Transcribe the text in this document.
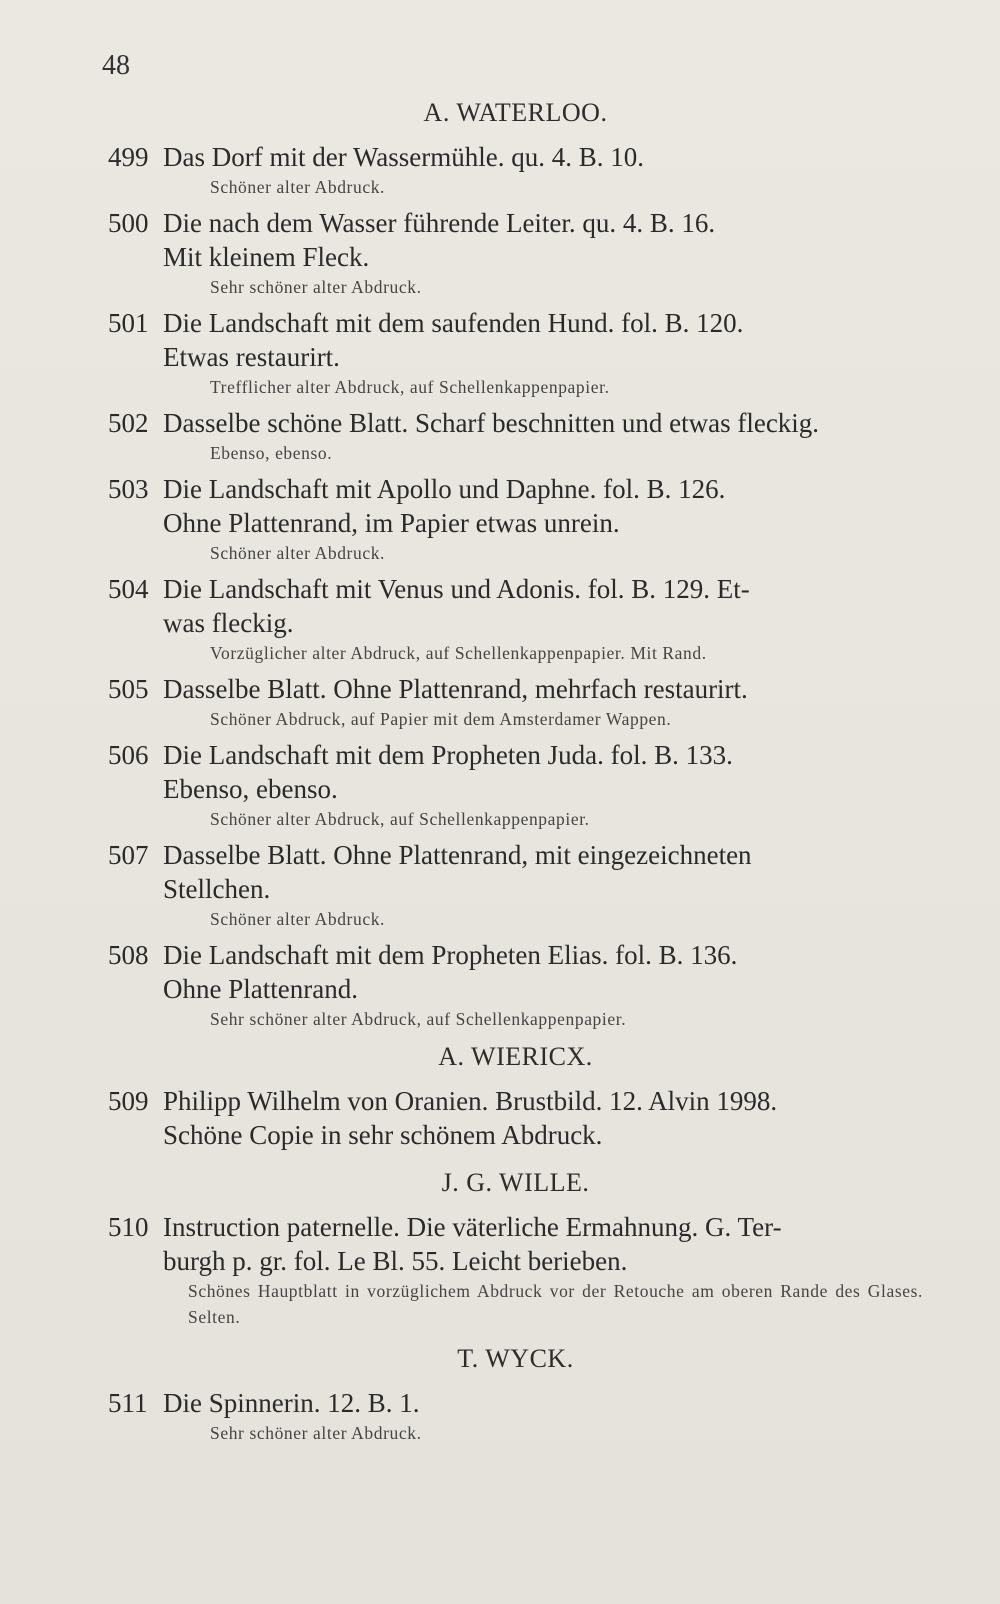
48
A. WATERLOO.
499 Das Dorf mit der Wassermühle. qu. 4. B. 10.
Schöner alter Abdruck.
500 Die nach dem Wasser führende Leiter. qu. 4. B. 16.
Mit kleinem Fleck.
Sehr schöner alter Abdruck.
501 Die Landschaft mit dem saufenden Hund. fol. B. 120.
Etwas restaurirt.
Trefflicher alter Abdruck, auf Schellenkappenpapier.
502 Dasselbe schöne Blatt. Scharf beschnitten und etwas fleckig.
Ebenso, ebenso.
503 Die Landschaft mit Apollo und Daphne. fol. B. 126.
Ohne Plattenrand, im Papier etwas unrein.
Schöner alter Abdruck.
504 Die Landschaft mit Venus und Adonis. fol. B. 129. Et-
was fleckig.
Vorzüglicher alter Abdruck, auf Schellenkappenpapier. Mit Rand.
505 Dasselbe Blatt. Ohne Plattenrand, mehrfach restaurirt.
Schöner Abdruck, auf Papier mit dem Amsterdamer Wappen.
506 Die Landschaft mit dem Propheten Juda. fol. B. 133.
Ebenso, ebenso.
Schöner alter Abdruck, auf Schellenkappenpapier.
507 Dasselbe Blatt. Ohne Plattenrand, mit eingezeichneten
Stellchen.
Schöner alter Abdruck.
508 Die Landschaft mit dem Propheten Elias. fol. B. 136.
Ohne Plattenrand.
Sehr schöner alter Abdruck, auf Schellenkappenpapier.
A. WIERICX.
509 Philipp Wilhelm von Oranien. Brustbild. 12. Alvin 1998.
Schöne Copie in sehr schönem Abdruck.
J. G. WILLE.
510 Instruction paternelle. Die väterliche Ermahnung. G. Ter-
burgh p. gr. fol. Le Bl. 55. Leicht berieben.
Schönes Hauptblatt in vorzüglichem Abdruck vor der Retouche am oberen Rande des Glases. Selten.
T. WYCK.
511 Die Spinnerin. 12. B. 1.
Sehr schöner alter Abdruck.
